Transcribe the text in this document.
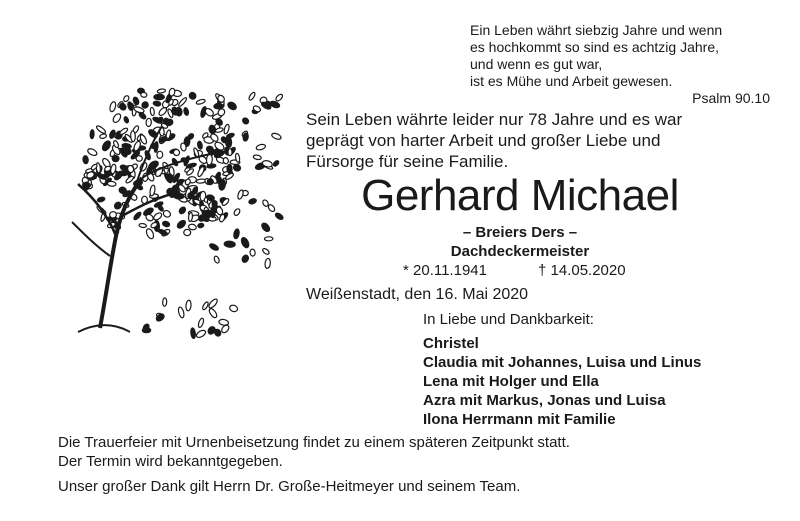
Ein Leben währt siebzig Jahre und wenn
es hochkommt so sind es achtzig Jahre,
und wenn es gut war,
ist es Mühe und Arbeit gewesen.
Psalm 90.10
Sein Leben währte leider nur 78 Jahre und es war
geprägt von harter Arbeit und großer Liebe und
Fürsorge für seine Familie.
Gerhard Michael
– Breiers Ders –
Dachdeckermeister
* 20.11.1941	† 14.05.2020
Weißenstadt, den 16. Mai 2020
In Liebe und Dankbarkeit:
Christel
Claudia mit Johannes, Luisa und Linus
Lena mit Holger und Ella
Azra mit Markus, Jonas und Luisa
Ilona Herrmann mit Familie
Die Trauerfeier mit Urnenbeisetzung findet zu einem späteren Zeitpunkt statt.
Der Termin wird bekanntgegeben.
Unser großer Dank gilt Herrn Dr. Große-Heitmeyer und seinem Team.
